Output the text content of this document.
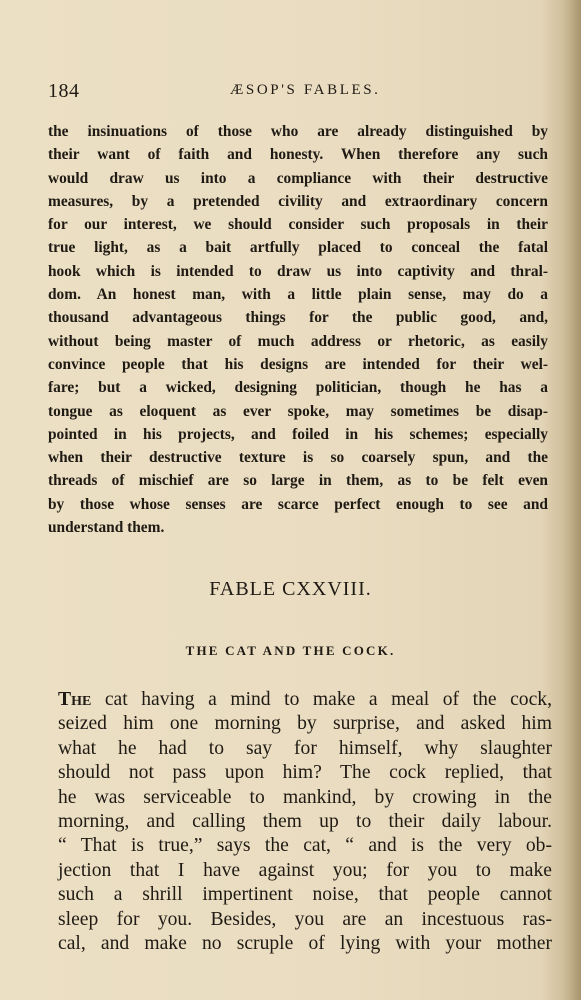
184	ÆSOP'S FABLES.
the insinuations of those who are already distinguished by
their want of faith and honesty. When therefore any such
would draw us into a compliance with their destructive
measures, by a pretended civility and extraordinary concern
for our interest, we should consider such proposals in their
true light, as a bait artfully placed to conceal the fatal
hook which is intended to draw us into captivity and thral-
dom. An honest man, with a little plain sense, may do a
thousand advantageous things for the public good, and,
without being master of much address or rhetoric, as easily
convince people that his designs are intended for their wel-
fare; but a wicked, designing politician, though he has a
tongue as eloquent as ever spoke, may sometimes be disap-
pointed in his projects, and foiled in his schemes; especially
when their destructive texture is so coarsely spun, and the
threads of mischief are so large in them, as to be felt even
by those whose senses are scarce perfect enough to see and
understand them.
FABLE CXXVIII.
THE CAT AND THE COCK.
The cat having a mind to make a meal of the cock,
seized him one morning by surprise, and asked him
what he had to say for himself, why slaughter
should not pass upon him? The cock replied, that
he was serviceable to mankind, by crowing in the
morning, and calling them up to their daily labour.
“ That is true,” says the cat, “ and is the very ob-
jection that I have against you; for you to make
such a shrill impertinent noise, that people cannot
sleep for you. Besides, you are an incestuous ras-
cal, and make no scruple of lying with your mother
